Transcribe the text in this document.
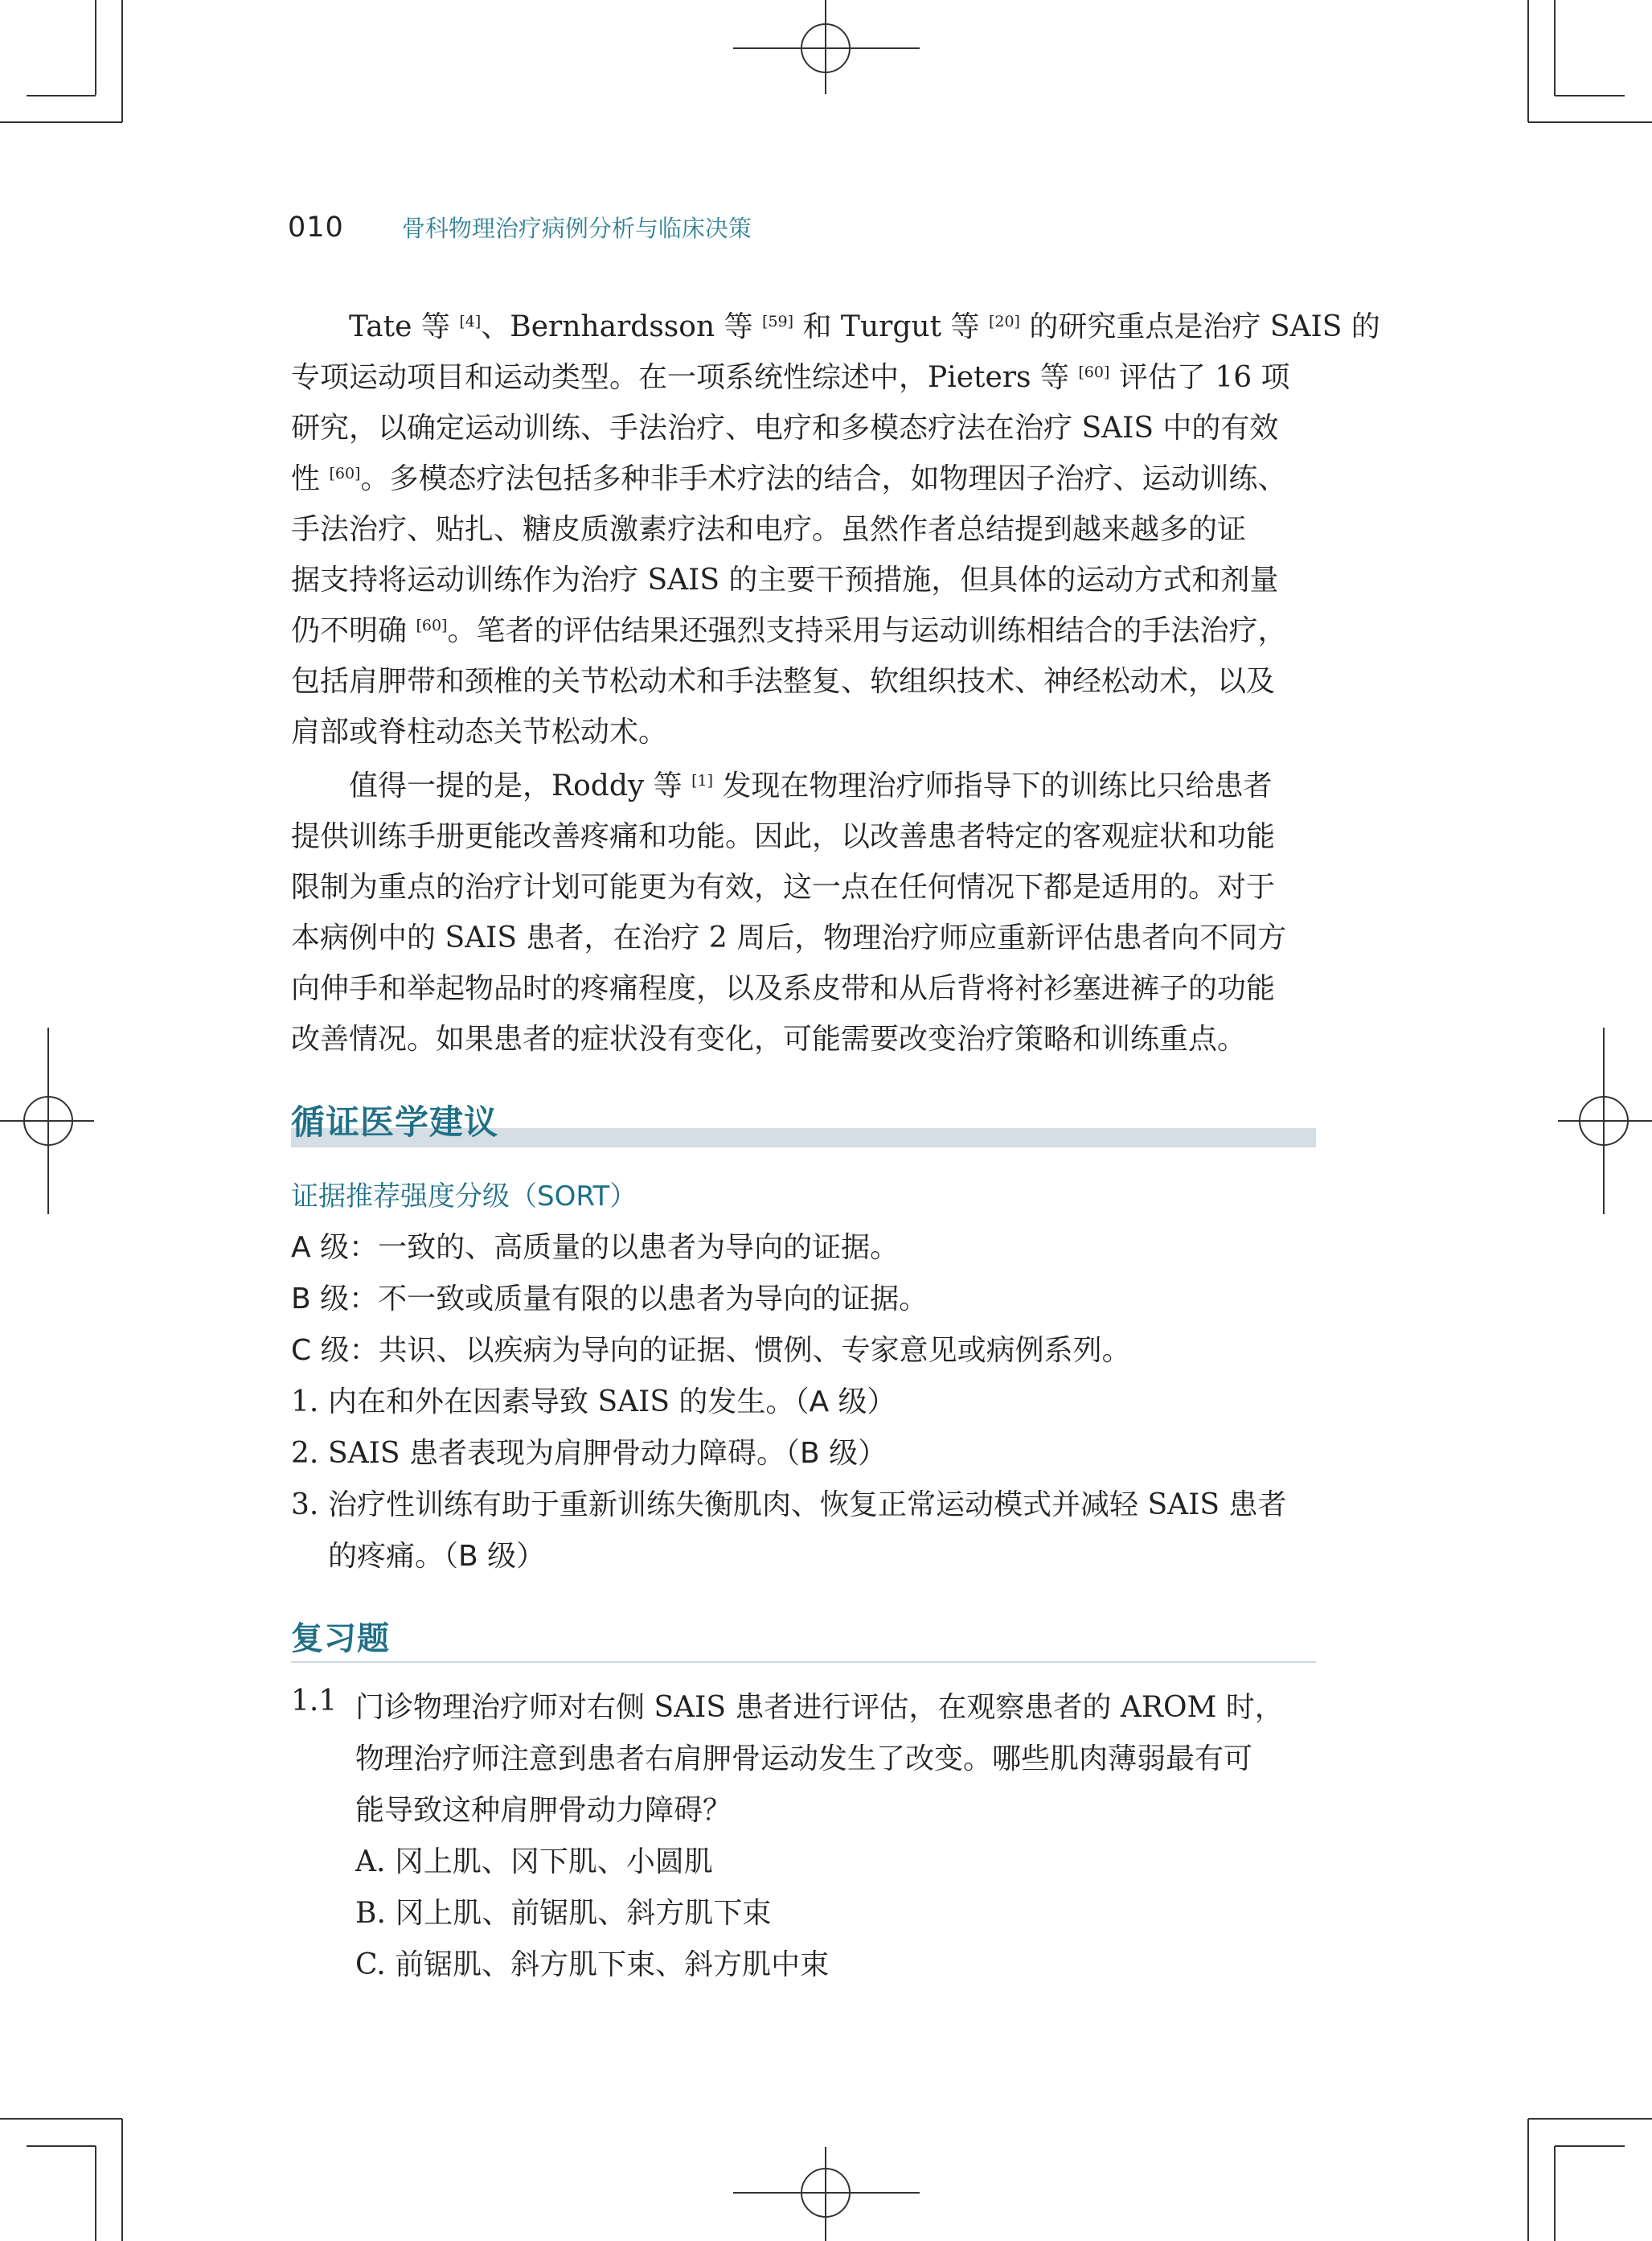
010 骨科物理治疗病例分析与临床决策
Tate 等 [4]、Bernhardsson 等 [59] 和 Turgut 等 [20] 的研究重点是治疗 SAIS 的
专项运动项目和运动类型。在一项系统性综述中，Pieters 等 [60] 评估了 16 项
研究，以确定运动训练、手法治疗、电疗和多模态疗法在治疗 SAIS 中的有效
性 [60]。多模态疗法包括多种非手术疗法的结合，如物理因子治疗、运动训练、
手法治疗、贴扎、糖皮质激素疗法和电疗。虽然作者总结提到越来越多的证
据支持将运动训练作为治疗 SAIS 的主要干预措施，但具体的运动方式和剂量
仍不明确 [60]。笔者的评估结果还强烈支持采用与运动训练相结合的手法治疗，
包括肩胛带和颈椎的关节松动术和手法整复、软组织技术、神经松动术，以及
肩部或脊柱动态关节松动术。
值得一提的是，Roddy 等 [1] 发现在物理治疗师指导下的训练比只给患者
提供训练手册更能改善疼痛和功能。因此，以改善患者特定的客观症状和功能
限制为重点的治疗计划可能更为有效，这一点在任何情况下都是适用的。对于
本病例中的 SAIS 患者，在治疗 2 周后，物理治疗师应重新评估患者向不同方
向伸手和举起物品时的疼痛程度，以及系皮带和从后背将衬衫塞进裤子的功能
改善情况。如果患者的症状没有变化，可能需要改变治疗策略和训练重点。
循证医学建议
证据推荐强度分级（SORT）
A 级：一致的、高质量的以患者为导向的证据。
B 级：不一致或质量有限的以患者为导向的证据。
C 级：共识、以疾病为导向的证据、惯例、专家意见或病例系列。
1. 内在和外在因素导致 SAIS 的发生。（A 级）
2. SAIS 患者表现为肩胛骨动力障碍。（B 级）
3. 治疗性训练有助于重新训练失衡肌肉、恢复正常运动模式并减轻 SAIS 患者
的疼痛。（B 级）
复习题
1.1 门诊物理治疗师对右侧 SAIS 患者进行评估，在观察患者的 AROM 时，
物理治疗师注意到患者右肩胛骨运动发生了改变。哪些肌肉薄弱最有可
能导致这种肩胛骨动力障碍？
A. 冈上肌、冈下肌、小圆肌
B. 冈上肌、前锯肌、斜方肌下束
C. 前锯肌、斜方肌下束、斜方肌中束
